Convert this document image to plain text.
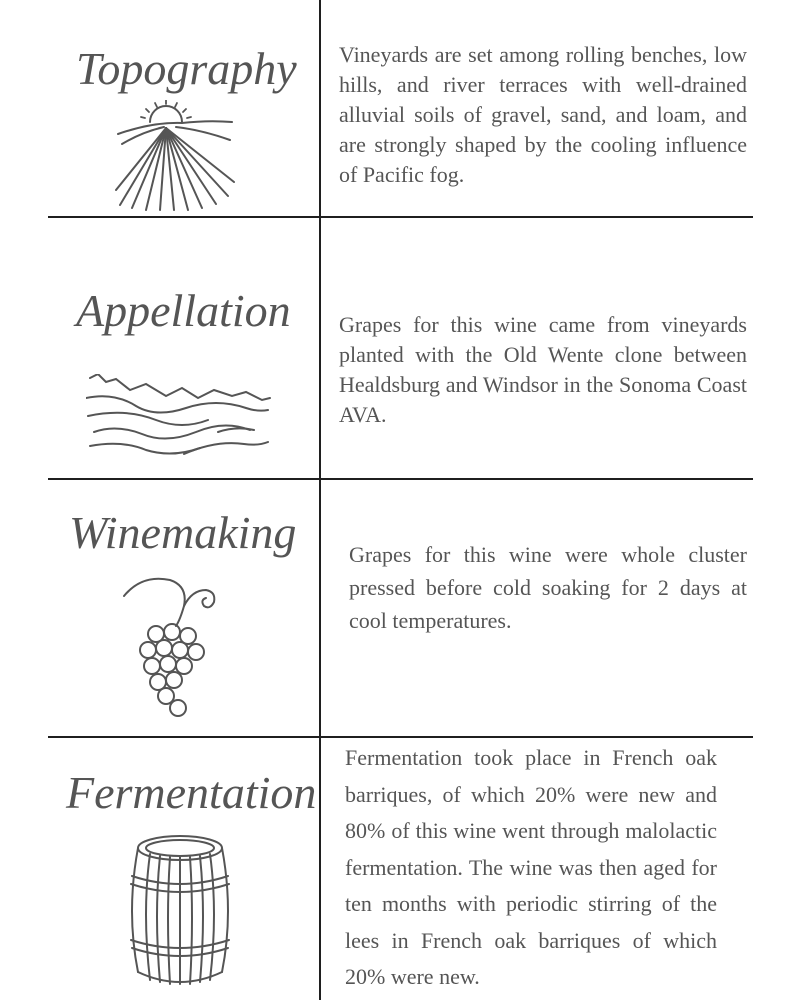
Topography Vineyards are set among rolling benches, low hills, and river terraces with well-drained alluvial soils of gravel, sand, and loam, and are strongly shaped by the cooling influence of Pacific fog.

Appellation Grapes for this wine came from vineyards planted with the Old Wente clone between Healdsburg and Windsor in the Sonoma Coast AVA.

Winemaking Grapes for this wine were whole cluster pressed before cold soaking for 2 days at cool temperatures.

Fermentation

Fermentation took place in French oak barriques, of which 20% were new and 80% of this wine went through malolactic fermentation. The wine was then aged for ten months with periodic stirring of the lees in French oak barriques of which 20% were new.
